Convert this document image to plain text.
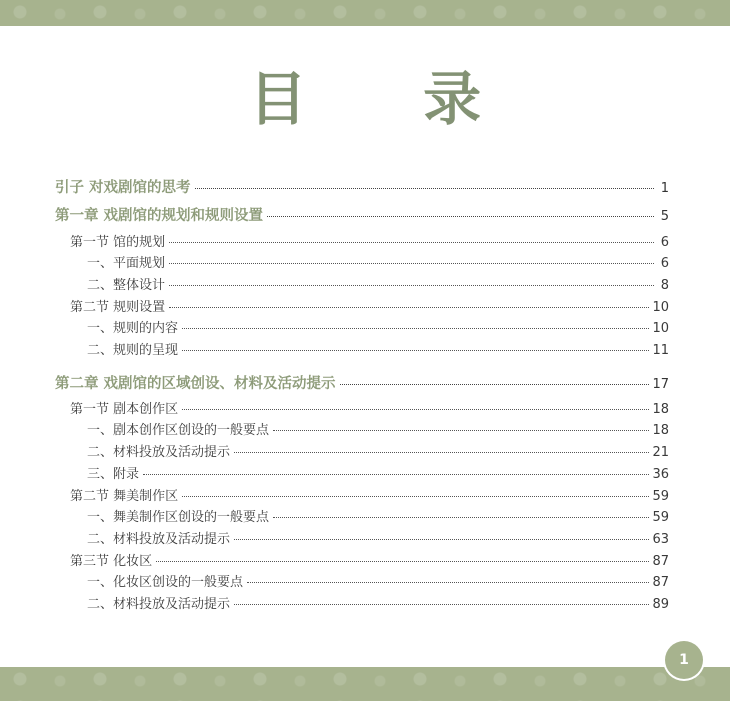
目 录
引子 对戏剧馆的思考	1
第一章 戏剧馆的规划和规则设置	5
第一节 馆的规划	6
一、平面规划	6
二、整体设计	8
第二节 规则设置	10
一、规则的内容	10
二、规则的呈现	11
第二章 戏剧馆的区域创设、材料及活动提示	17
第一节 剧本创作区	18
一、剧本创作区创设的一般要点	18
二、材料投放及活动提示	21
三、附录	36
第二节 舞美制作区	59
一、舞美制作区创设的一般要点	59
二、材料投放及活动提示	63
第三节 化妆区	87
一、化妆区创设的一般要点	87
二、材料投放及活动提示	89
1
